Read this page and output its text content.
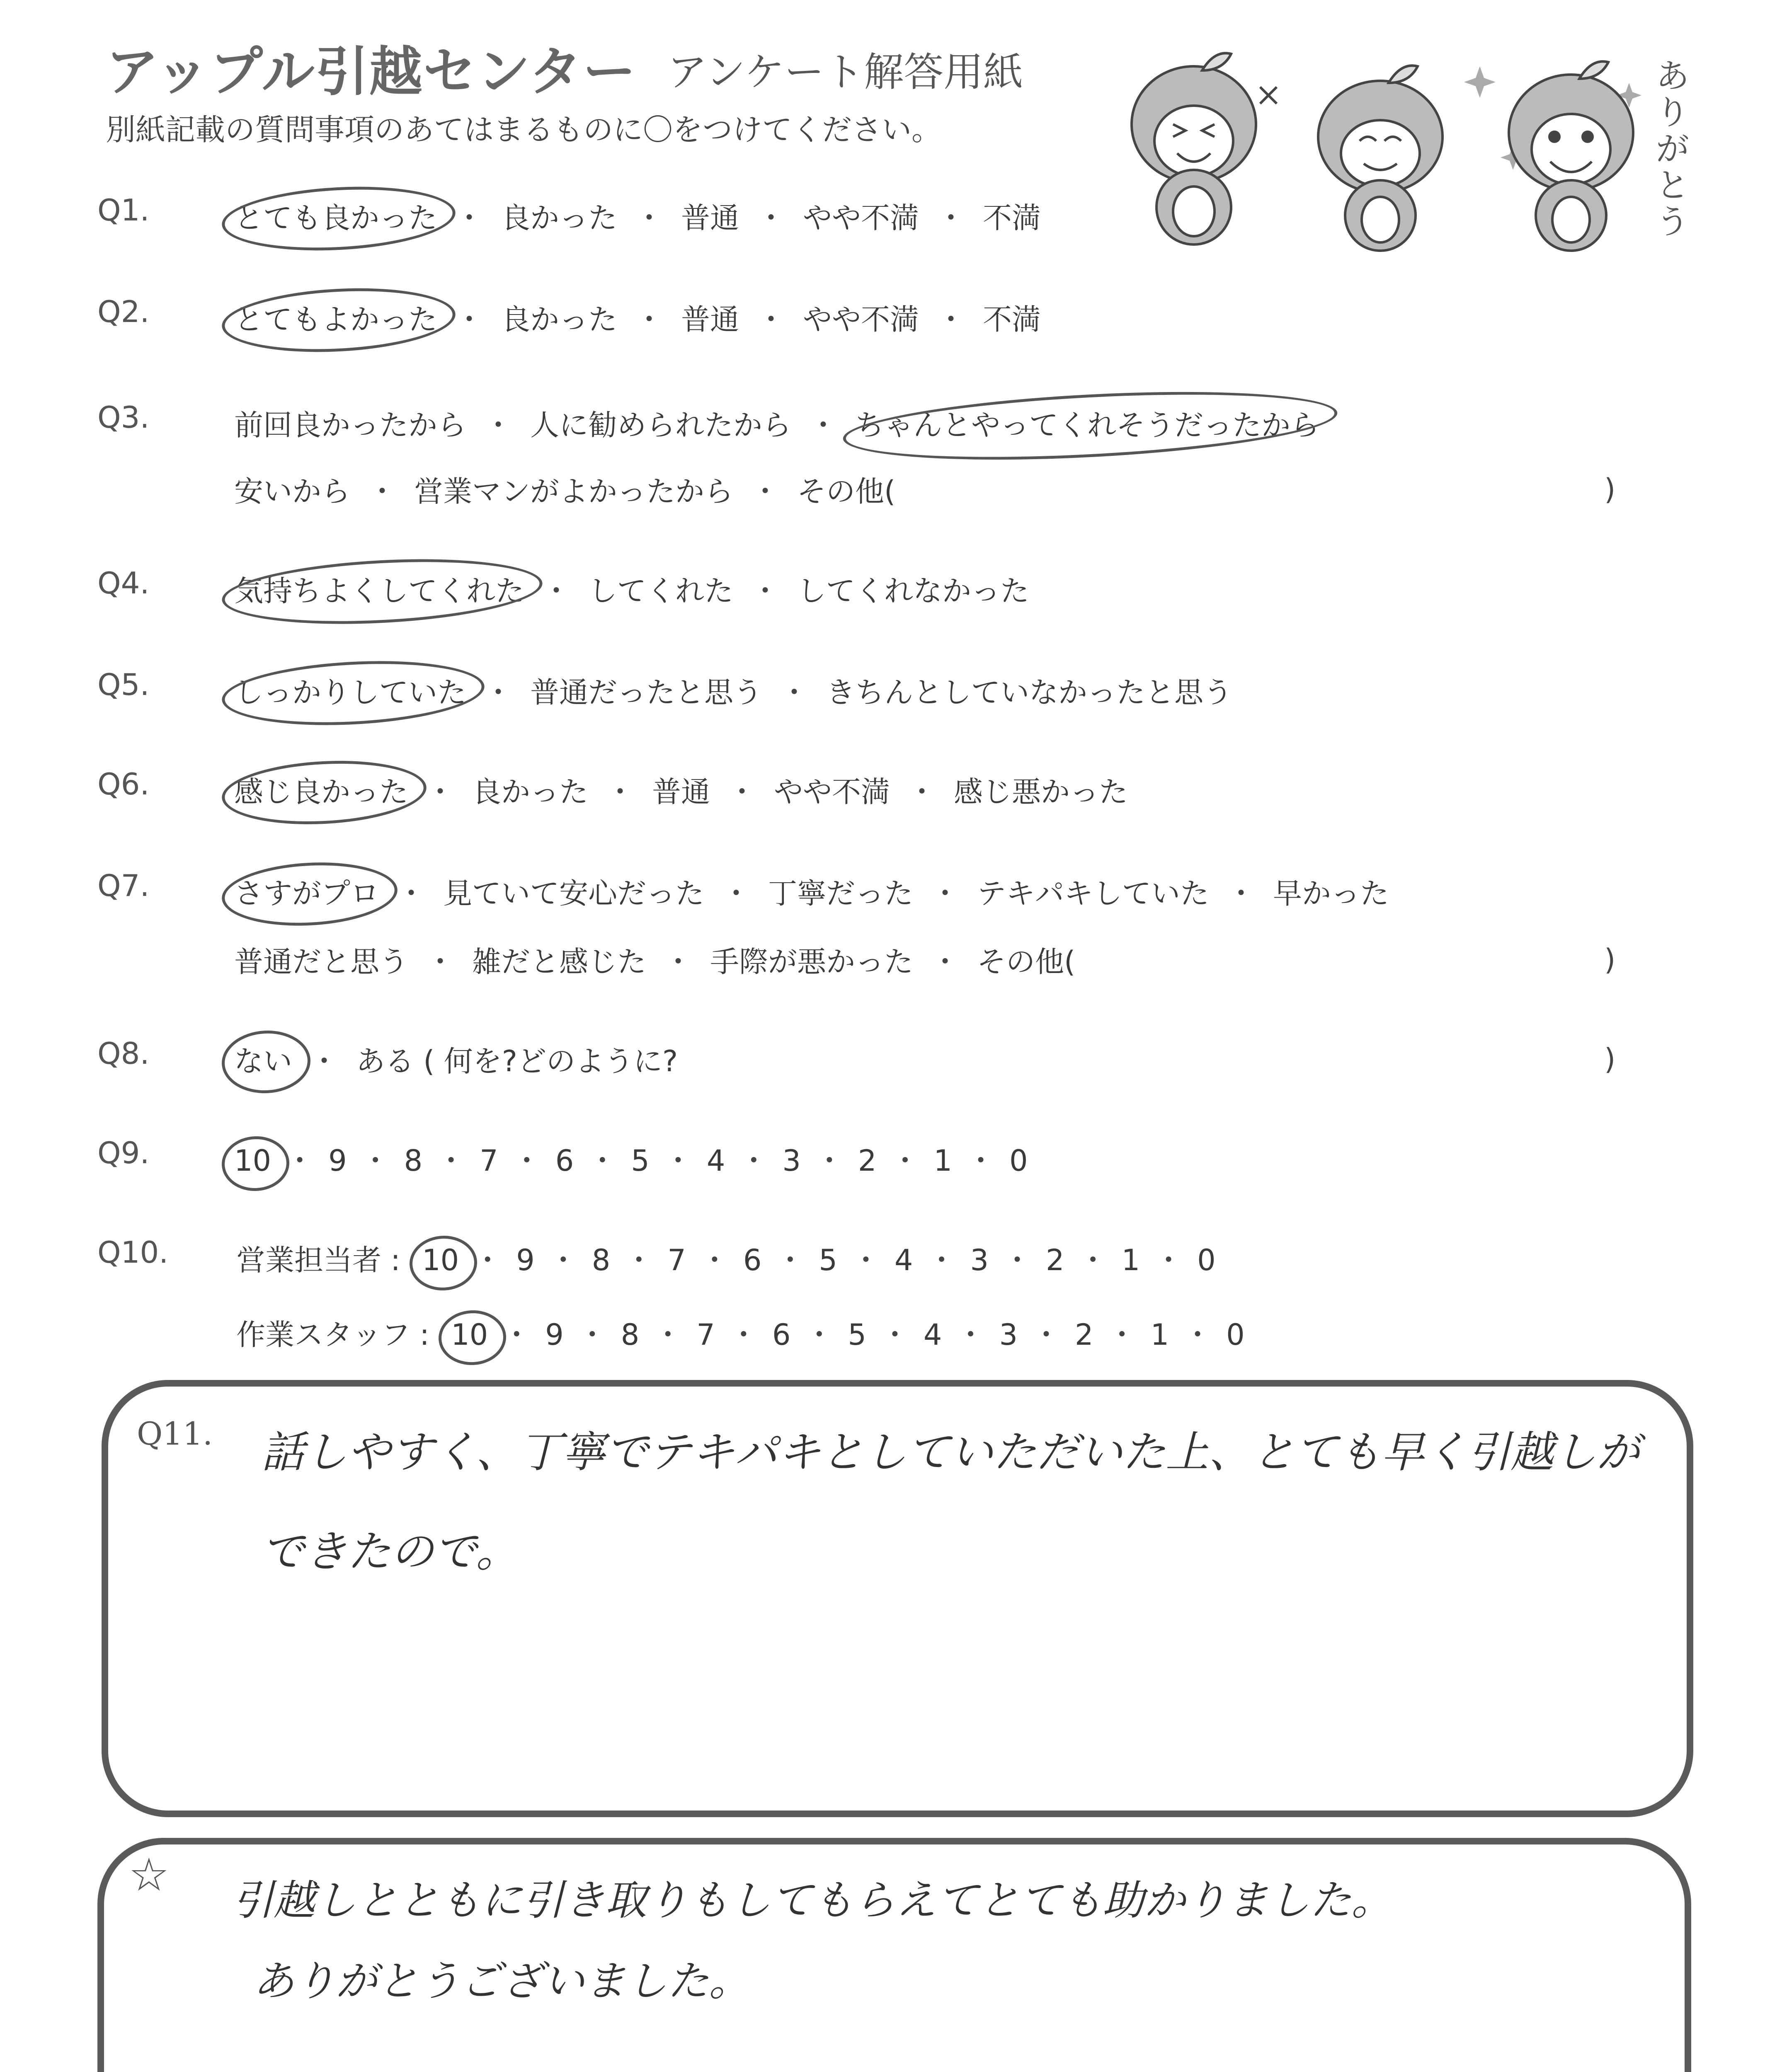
アップル引越センター アンケート解答用紙
別紙記載の質問事項のあてはまるものに〇をつけてください。
ありがとう
Q1.	とても良かった ・ 良かった ・ 普通 ・ やや不満 ・ 不満
Q2.	とてもよかった ・ 良かった ・ 普通 ・ やや不満 ・ 不満
Q3.	前回良かったから ・ 人に勧められたから ・ ちゃんとやってくれそうだったから
安いから ・ 営業マンがよかったから ・ その他(	)
Q4.	気持ちよくしてくれた ・ してくれた ・ してくれなかった
Q5.	しっかりしていた ・ 普通だったと思う ・ きちんとしていなかったと思う
Q6.	感じ良かった ・ 良かった ・ 普通 ・ やや不満 ・ 感じ悪かった
Q7.	さすがプロ ・ 見ていて安心だった ・ 丁寧だった ・ テキパキしていた ・ 早かった
普通だと思う ・ 雑だと感じた ・ 手際が悪かった ・ その他(	)
Q8.	ない ・ ある ( 何を?どのように?	)
Q9.	10 ・ 9 ・ 8 ・ 7 ・ 6 ・ 5 ・ 4 ・ 3 ・ 2 ・ 1 ・ 0
Q10. 営業担当者 : 10 ・ 9 ・ 8 ・ 7 ・ 6 ・ 5 ・ 4 ・ 3 ・ 2 ・ 1 ・ 0
作業スタッフ : 10 ・ 9 ・ 8 ・ 7 ・ 6 ・ 5 ・ 4 ・ 3 ・ 2 ・ 1 ・ 0
Q11. 話しやすく、丁寧でテキパキとしていただいた上、とても早く引越しが
できたので。
☆ 引越しとともに引き取りもしてもらえてとても助かりました。
ありがとうございました。
